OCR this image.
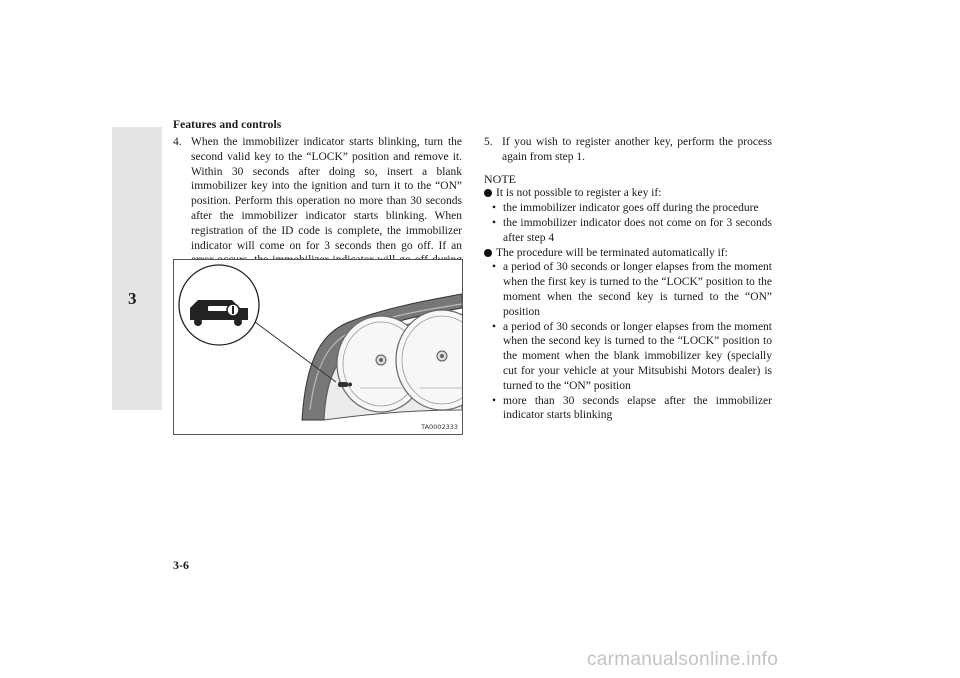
Features and controls
3
4. When the immobilizer indicator starts blinking, turn the second valid key to the “LOCK” position and remove it. Within 30 seconds after doing so, insert a blank immobilizer key into the ignition and turn it to the “ON” position. Perform this operation no more than 30 seconds after the immobilizer indicator starts blinking. When registration of the ID code is complete, the immobilizer indicator will come on for 3 seconds then go off. If an
TA0002333
5. If you wish to register another key, perform the process again from step 1.
NOTE
It is not possible to register a key if:
• the immobilizer indicator goes off during the procedure
• the immobilizer indicator does not come on for 3 seconds after step 4
The procedure will be terminated automatically if:
• a period of 30 seconds or longer elapses from the moment when the first key is turned to the “LOCK” position to the moment when the second key is turned to the “ON” position
• a period of 30 seconds or longer elapses from the moment when the second key is turned to the “LOCK” position to the moment when the blank immobilizer key (specially cut for your vehicle at your Mitsubishi Motors dealer) is turned to the “ON” position
• more than 30 seconds elapse after the immobilizer indicator starts blinking
3-6
carmanualsonline.info
